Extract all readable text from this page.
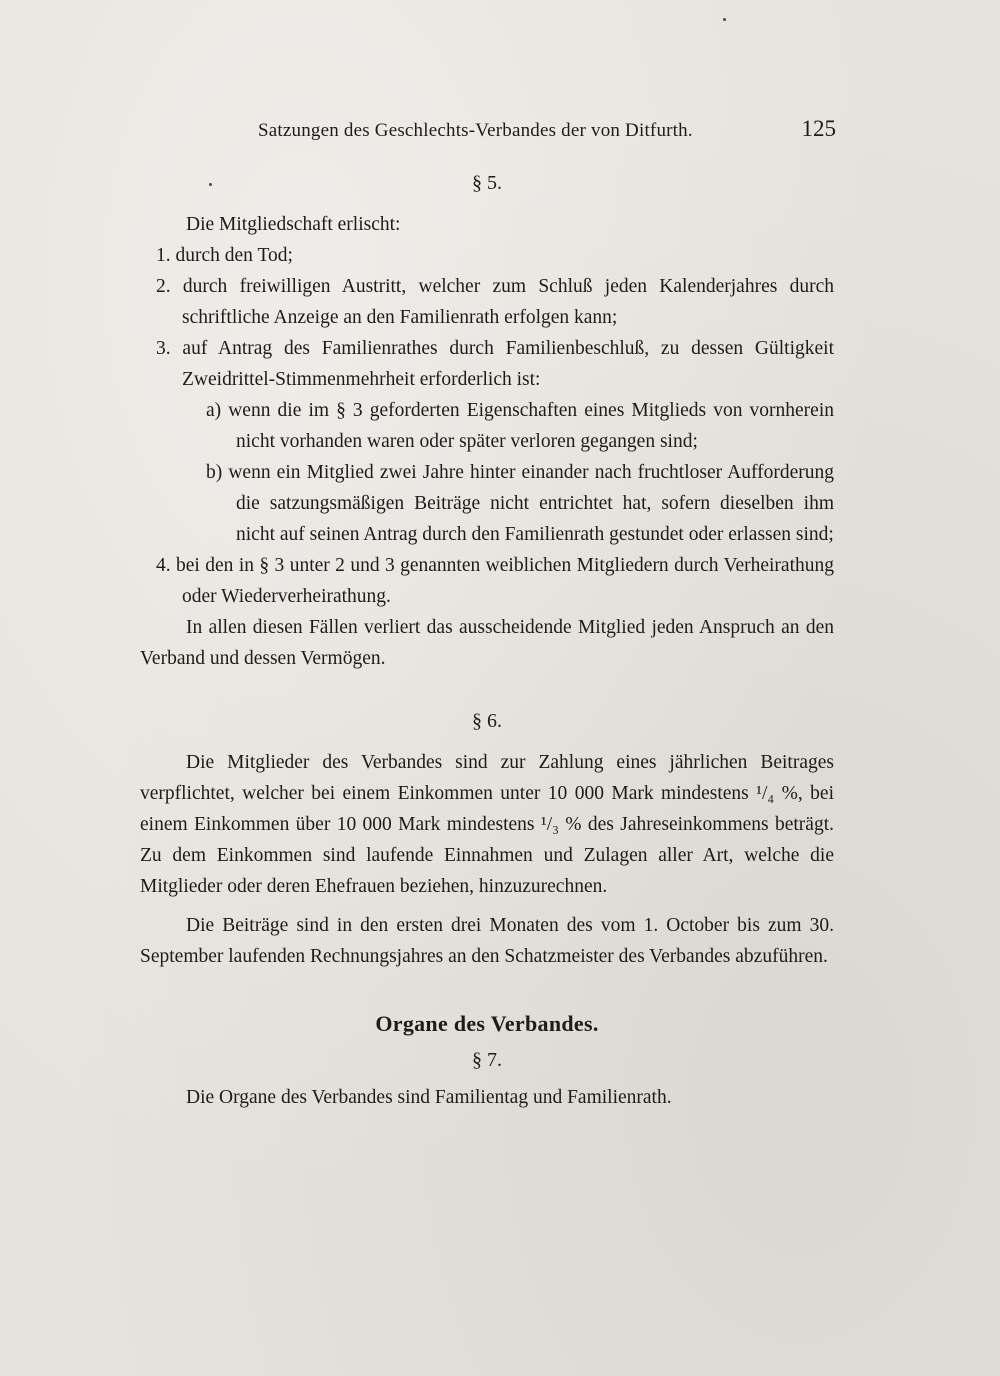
Satzungen des Geschlechts-Verbandes der von Ditfurth.	125

§ 5.

Die Mitgliedschaft erlischt:

1. durch den Tod;

2. durch freiwilligen Austritt, welcher zum Schluß jeden Kalenderjahres durch schriftliche Anzeige an den Familienrath erfolgen kann;

3. auf Antrag des Familienrathes durch Familienbeschluß, zu dessen Gültigkeit Zweidrittel-Stimmenmehrheit erforderlich ist:

a) wenn die im § 3 geforderten Eigenschaften eines Mitglieds von vornherein nicht vorhanden waren oder später verloren gegangen sind;

b) wenn ein Mitglied zwei Jahre hinter einander nach fruchtloser Aufforderung die satzungsmäßigen Beiträge nicht entrichtet hat, sofern dieselben ihm nicht auf seinen Antrag durch den Familienrath gestundet oder erlassen sind;

4. bei den in § 3 unter 2 und 3 genannten weiblichen Mitgliedern durch Verheirathung oder Wiederverheirathung.

In allen diesen Fällen verliert das ausscheidende Mitglied jeden Anspruch an den Verband und dessen Vermögen.

§ 6.

Die Mitglieder des Verbandes sind zur Zahlung eines jährlichen Beitrages verpflichtet, welcher bei einem Einkommen unter 10 000 Mark mindestens ¹/₄ %, bei einem Einkommen über 10 000 Mark mindestens ¹/₃ % des Jahreseinkommens beträgt. Zu dem Einkommen sind laufende Einnahmen und Zulagen aller Art, welche die Mitglieder oder deren Ehefrauen beziehen, hinzuzurechnen.

Die Beiträge sind in den ersten drei Monaten des vom 1. October bis zum 30. September laufenden Rechnungsjahres an den Schatzmeister des Verbandes abzuführen.

Organe des Verbandes.

§ 7.

Die Organe des Verbandes sind Familientag und Familienrath.
